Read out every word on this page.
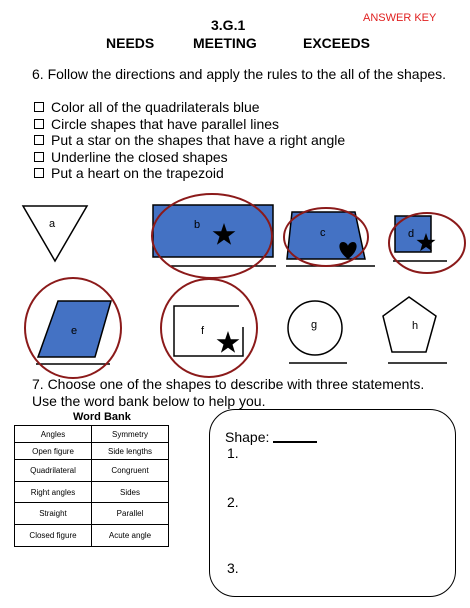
ANSWER KEY
3.G.1
NEEDS	MEETING	EXCEEDS
6. Follow the directions and apply the rules to the all of the shapes.
Color all of the quadrilaterals blue
Circle shapes that have parallel lines
Put a star on the shapes that have a right angle
Underline the closed shapes
Put a heart on the trapezoid
a	b
c	d
e	f	g	h
7. Choose one of the shapes to describe with three statements. Use the word bank below to help you.
Word Bank
Angles	Symmetry
Open figure	Side lengths
Quadrilateral	Congruent
Right angles	Sides
Straight	Parallel
Closed figure	Acute angle
Shape:
1.
2.
3.
